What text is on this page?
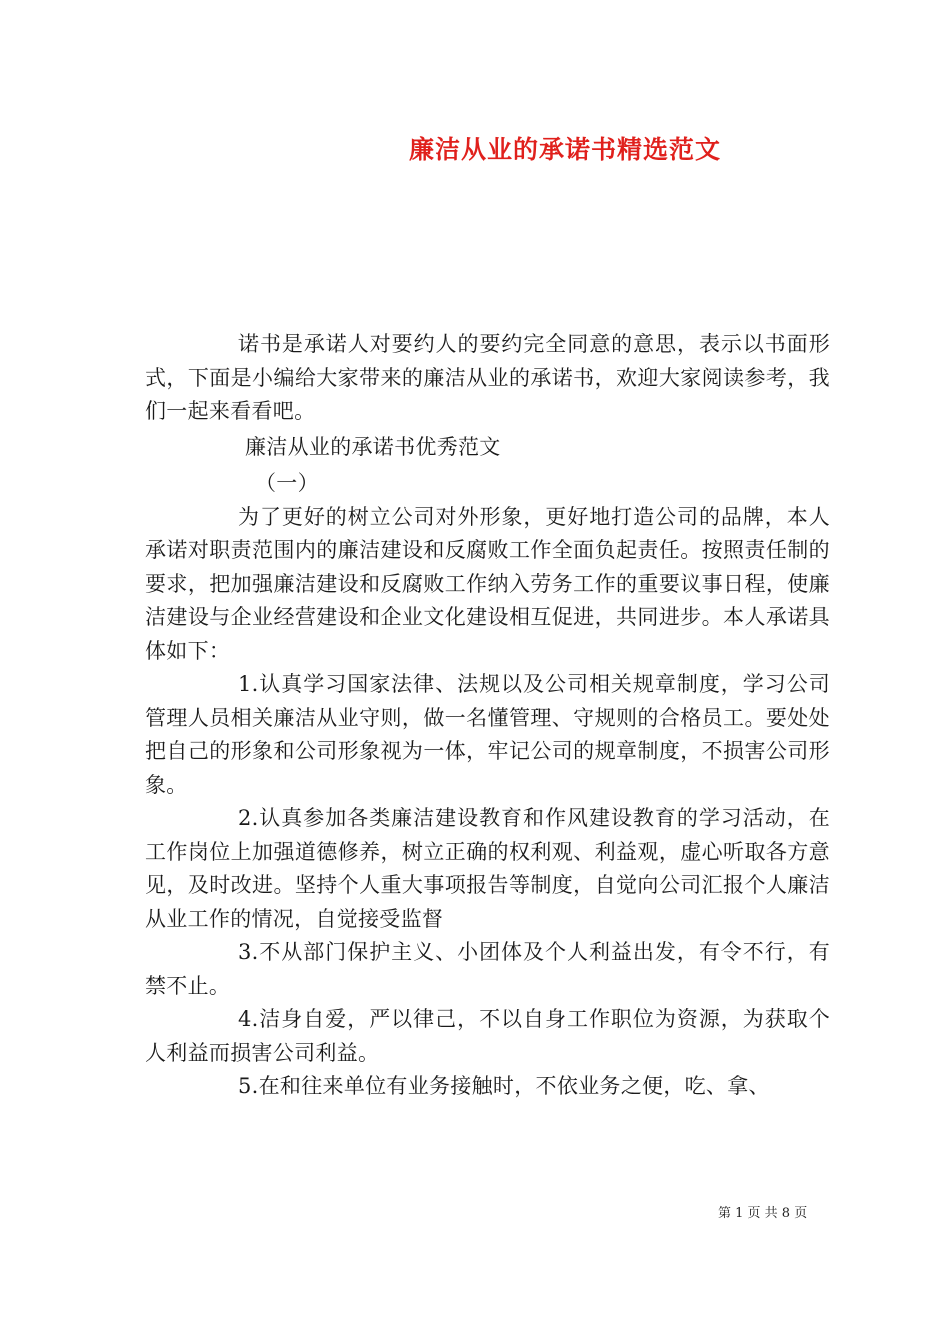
廉洁从业的承诺书精选范文

诺书是承诺人对要约人的要约完全同意的意思，表示以书面形式，下面是小编给大家带来的廉洁从业的承诺书，欢迎大家阅读参考，我们一起来看看吧。

廉洁从业的承诺书优秀范文

（一）

为了更好的树立公司对外形象，更好地打造公司的品牌，本人承诺对职责范围内的廉洁建设和反腐败工作全面负起责任。按照责任制的要求，把加强廉洁建设和反腐败工作纳入劳务工作的重要议事日程，使廉洁建设与企业经营建设和企业文化建设相互促进，共同进步。本人承诺具体如下：

1.认真学习国家法律、法规以及公司相关规章制度，学习公司管理人员相关廉洁从业守则，做一名懂管理、守规则的合格员工。要处处把自己的形象和公司形象视为一体，牢记公司的规章制度，不损害公司形象。

2.认真参加各类廉洁建设教育和作风建设教育的学习活动，在工作岗位上加强道德修养，树立正确的权利观、利益观，虚心听取各方意见，及时改进。坚持个人重大事项报告等制度，自觉向公司汇报个人廉洁从业工作的情况，自觉接受监督

3.不从部门保护主义、小团体及个人利益出发，有令不行，有禁不止。

4.洁身自爱，严以律己，不以自身工作职位为资源，为获取个人利益而损害公司利益。

5.在和往来单位有业务接触时，不依业务之便，吃、拿、

第 1 页 共 8 页
